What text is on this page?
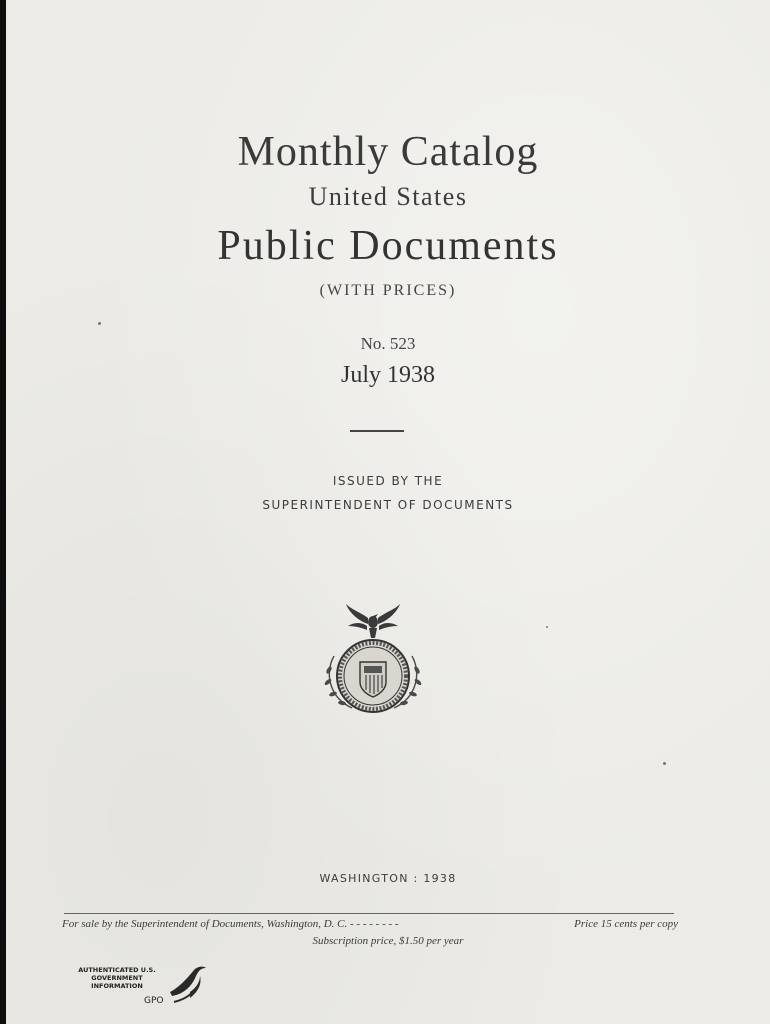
Monthly Catalog
United States
Public Documents
(WITH PRICES)
No. 523
July 1938
ISSUED BY THE
SUPERINTENDENT OF DOCUMENTS
WASHINGTON : 1938
For sale by the Superintendent of Documents, Washington, D. C. - - - - - - - -	Price 15 cents per copy
Subscription price, $1.50 per year
AUTHENTICATED U.S. GOVERNMENT INFORMATION
GPO
